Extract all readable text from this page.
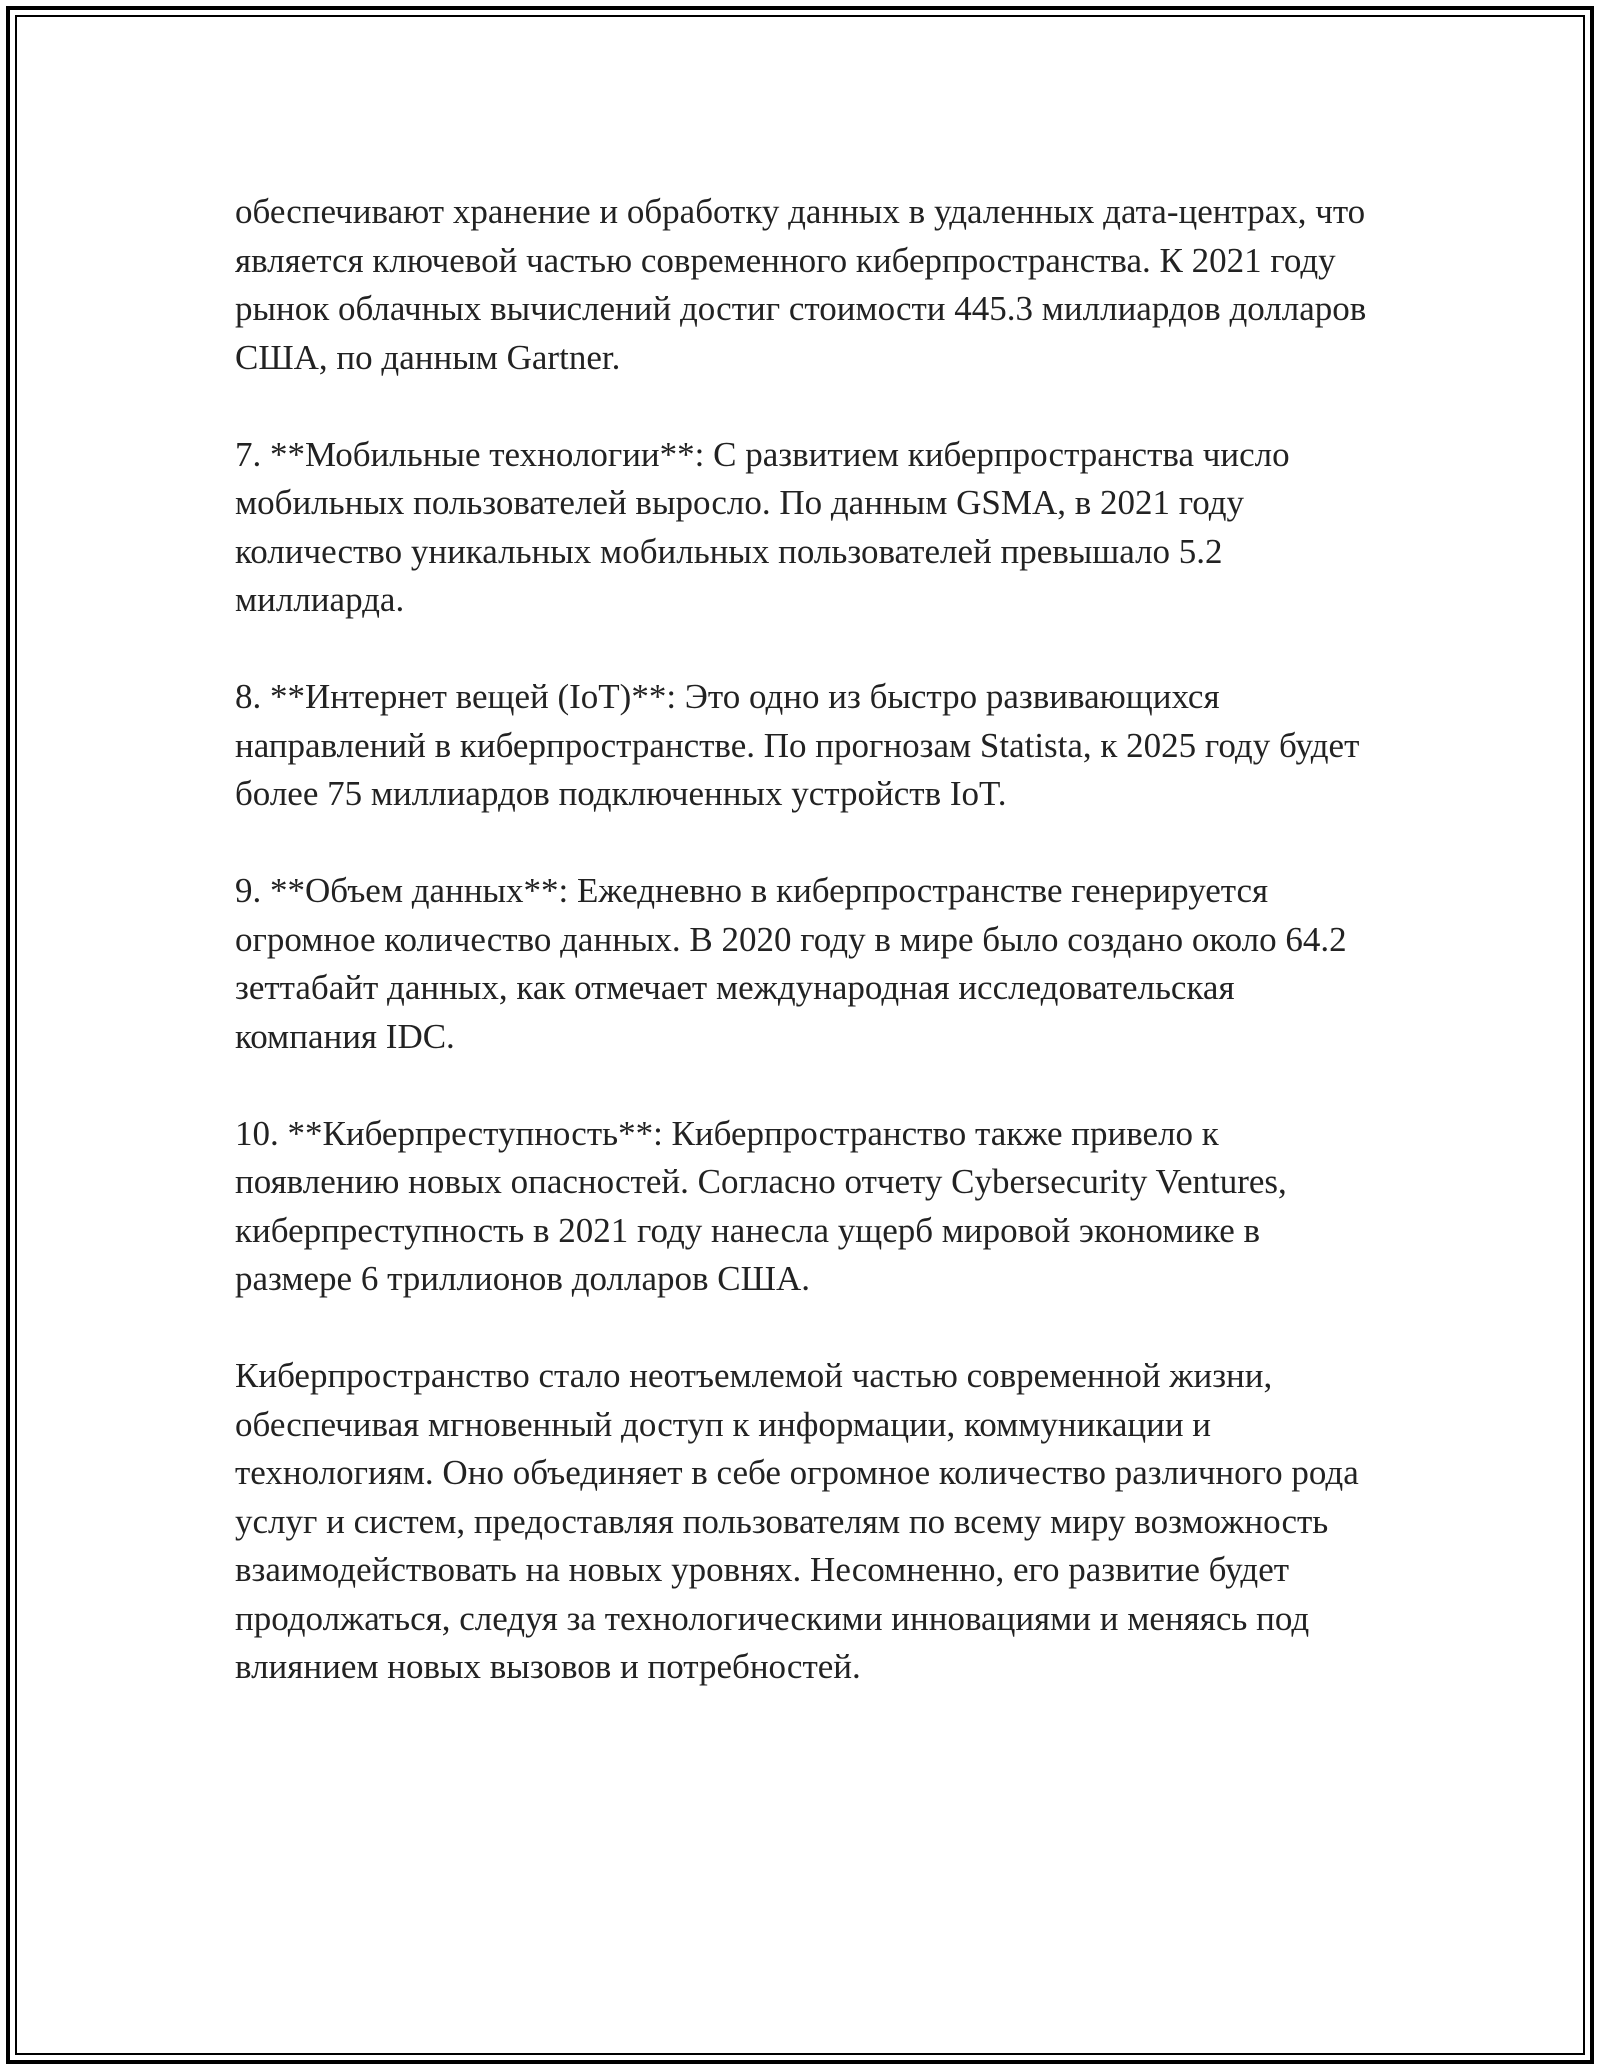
обеспечивают хранение и обработку данных в удаленных дата-центрах, что является ключевой частью современного киберпространства. К 2021 году рынок облачных вычислений достиг стоимости 445.3 миллиардов долларов США, по данным Gartner.

7. **Мобильные технологии**: С развитием киберпространства число мобильных пользователей выросло. По данным GSMA, в 2021 году количество уникальных мобильных пользователей превышало 5.2 миллиарда.

8. **Интернет вещей (IoT)**: Это одно из быстро развивающихся направлений в киберпространстве. По прогнозам Statista, к 2025 году будет более 75 миллиардов подключенных устройств IoT.

9. **Объем данных**: Ежедневно в киберпространстве генерируется огромное количество данных. В 2020 году в мире было создано около 64.2 зеттабайт данных, как отмечает международная исследовательская компания IDC.

10. **Киберпреступность**: Киберпространство также привело к появлению новых опасностей. Согласно отчету Cybersecurity Ventures, киберпреступность в 2021 году нанесла ущерб мировой экономике в размере 6 триллионов долларов США.

Киберпространство стало неотъемлемой частью современной жизни, обеспечивая мгновенный доступ к информации, коммуникации и технологиям. Оно объединяет в себе огромное количество различного рода услуг и систем, предоставляя пользователям по всему миру возможность взаимодействовать на новых уровнях. Несомненно, его развитие будет продолжаться, следуя за технологическими инновациями и меняясь под влиянием новых вызовов и потребностей.
